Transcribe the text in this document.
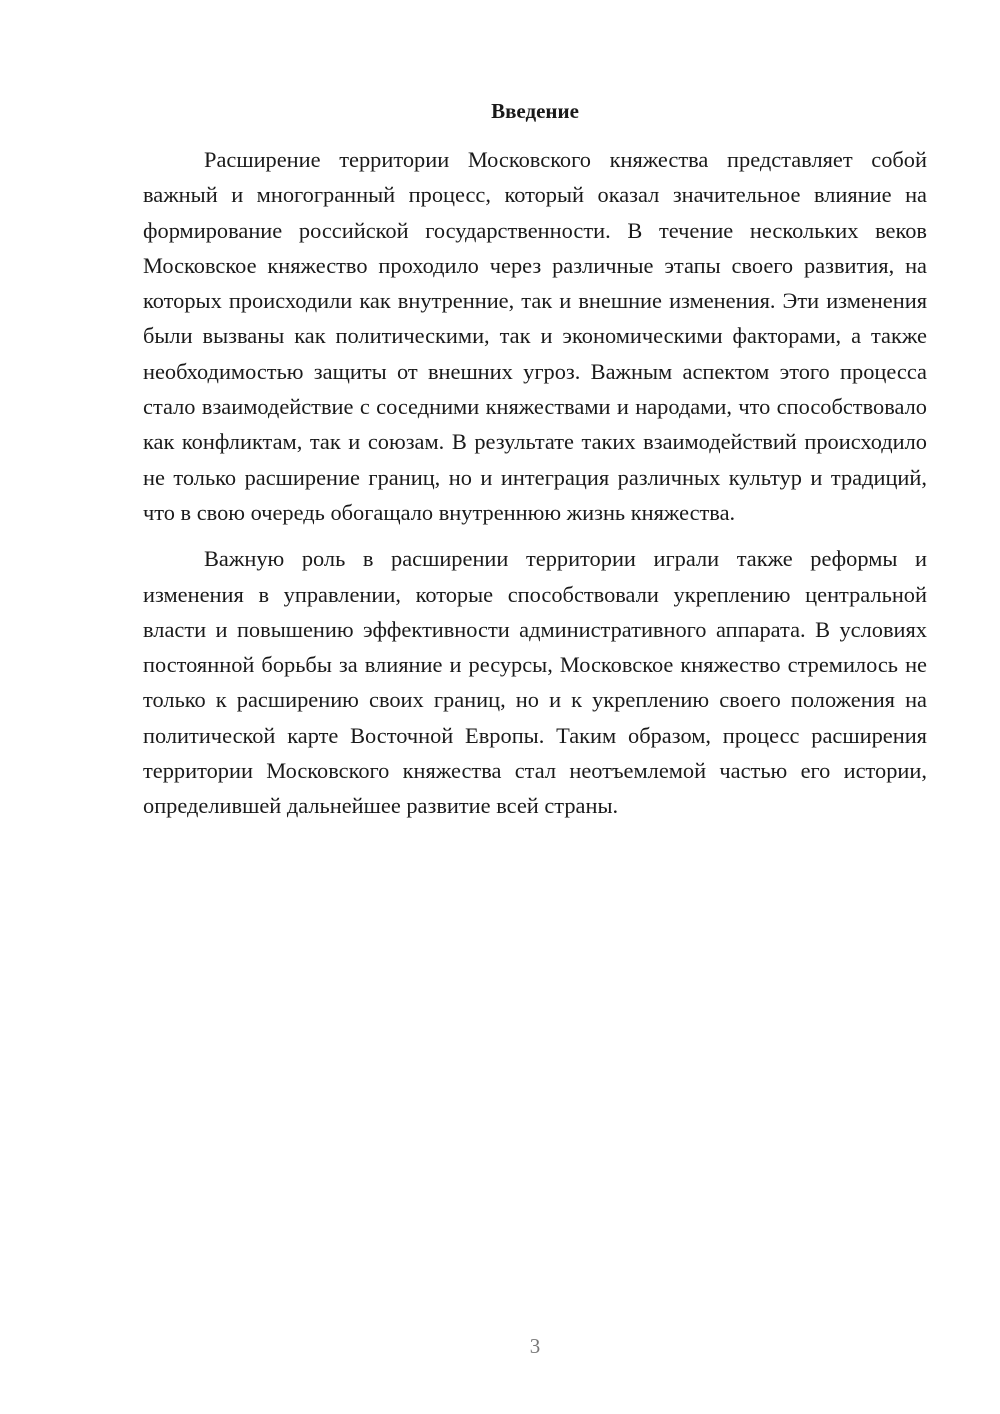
Введение

Расширение территории Московского княжества представляет собой важный и многогранный процесс, который оказал значительное влияние на формирование российской государственности. В течение нескольких веков Московское княжество проходило через различные этапы своего развития, на которых происходили как внутренние, так и внешние изменения. Эти изменения были вызваны как политическими, так и экономическими факторами, а также необходимостью защиты от внешних угроз. Важным аспектом этого процесса стало взаимодействие с соседними княжествами и народами, что способствовало как конфликтам, так и союзам. В результате таких взаимодействий происходило не только расширение границ, но и интеграция различных культур и традиций, что в свою очередь обогащало внутреннюю жизнь княжества.

Важную роль в расширении территории играли также реформы и изменения в управлении, которые способствовали укреплению центральной власти и повышению эффективности административного аппарата. В условиях постоянной борьбы за влияние и ресурсы, Московское княжество стремилось не только к расширению своих границ, но и к укреплению своего положения на политической карте Восточной Европы. Таким образом, процесс расширения территории Московского княжества стал неотъемлемой частью его истории, определившей дальнейшее развитие всей страны.

3
